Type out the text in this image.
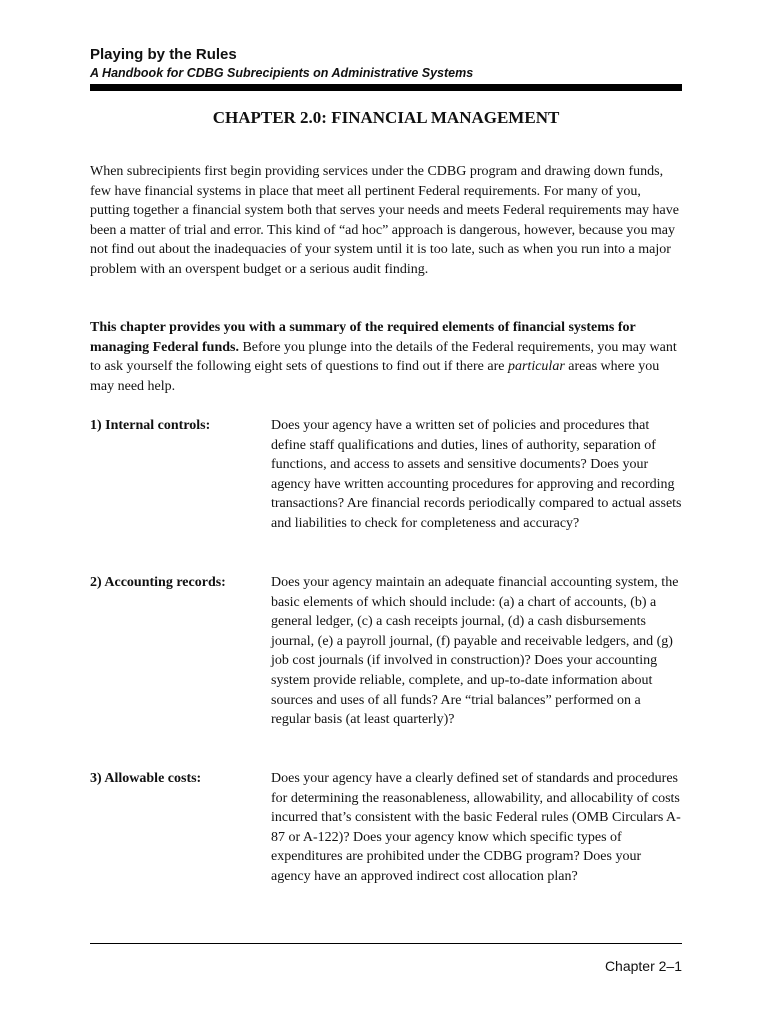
Playing by the Rules
A Handbook for CDBG Subrecipients on Administrative Systems
CHAPTER 2.0: FINANCIAL MANAGEMENT

When subrecipients first begin providing services under the CDBG program and drawing down funds, few have financial systems in place that meet all pertinent Federal requirements. For many of you, putting together a financial system both that serves your needs and meets Federal requirements may have been a matter of trial and error. This kind of “ad hoc” approach is dangerous, however, because you may not find out about the inadequacies of your system until it is too late, such as when you run into a major problem with an overspent budget or a serious audit finding.

This chapter provides you with a summary of the required elements of financial systems for managing Federal funds. Before you plunge into the details of the Federal requirements, you may want to ask yourself the following eight sets of questions to find out if there are particular areas where you may need help.

1) Internal controls:	Does your agency have a written set of policies and procedures that define staff qualifications and duties, lines of authority, separation of functions, and access to assets and sensitive documents? Does your agency have written accounting procedures for approving and recording transactions? Are financial records periodically compared to actual assets and liabilities to check for completeness and accuracy?
2) Accounting records:	Does your agency maintain an adequate financial accounting system, the basic elements of which should include: (a) a chart of accounts, (b) a general ledger, (c) a cash receipts journal, (d) a cash disbursements journal, (e) a payroll journal, (f) payable and receivable ledgers, and (g) job cost journals (if involved in construction)? Does your accounting system provide reliable, complete, and up-to-date information about sources and uses of all funds? Are “trial balances” performed on a regular basis (at least quarterly)?
3) Allowable costs:	Does your agency have a clearly defined set of standards and procedures for determining the reasonableness, allowability, and allocability of costs incurred that’s consistent with the basic Federal rules (OMB Circulars A-87 or A-122)? Does your agency know which specific types of expenditures are prohibited under the CDBG program? Does your agency have an approved indirect cost allocation plan?
Chapter 2–1
